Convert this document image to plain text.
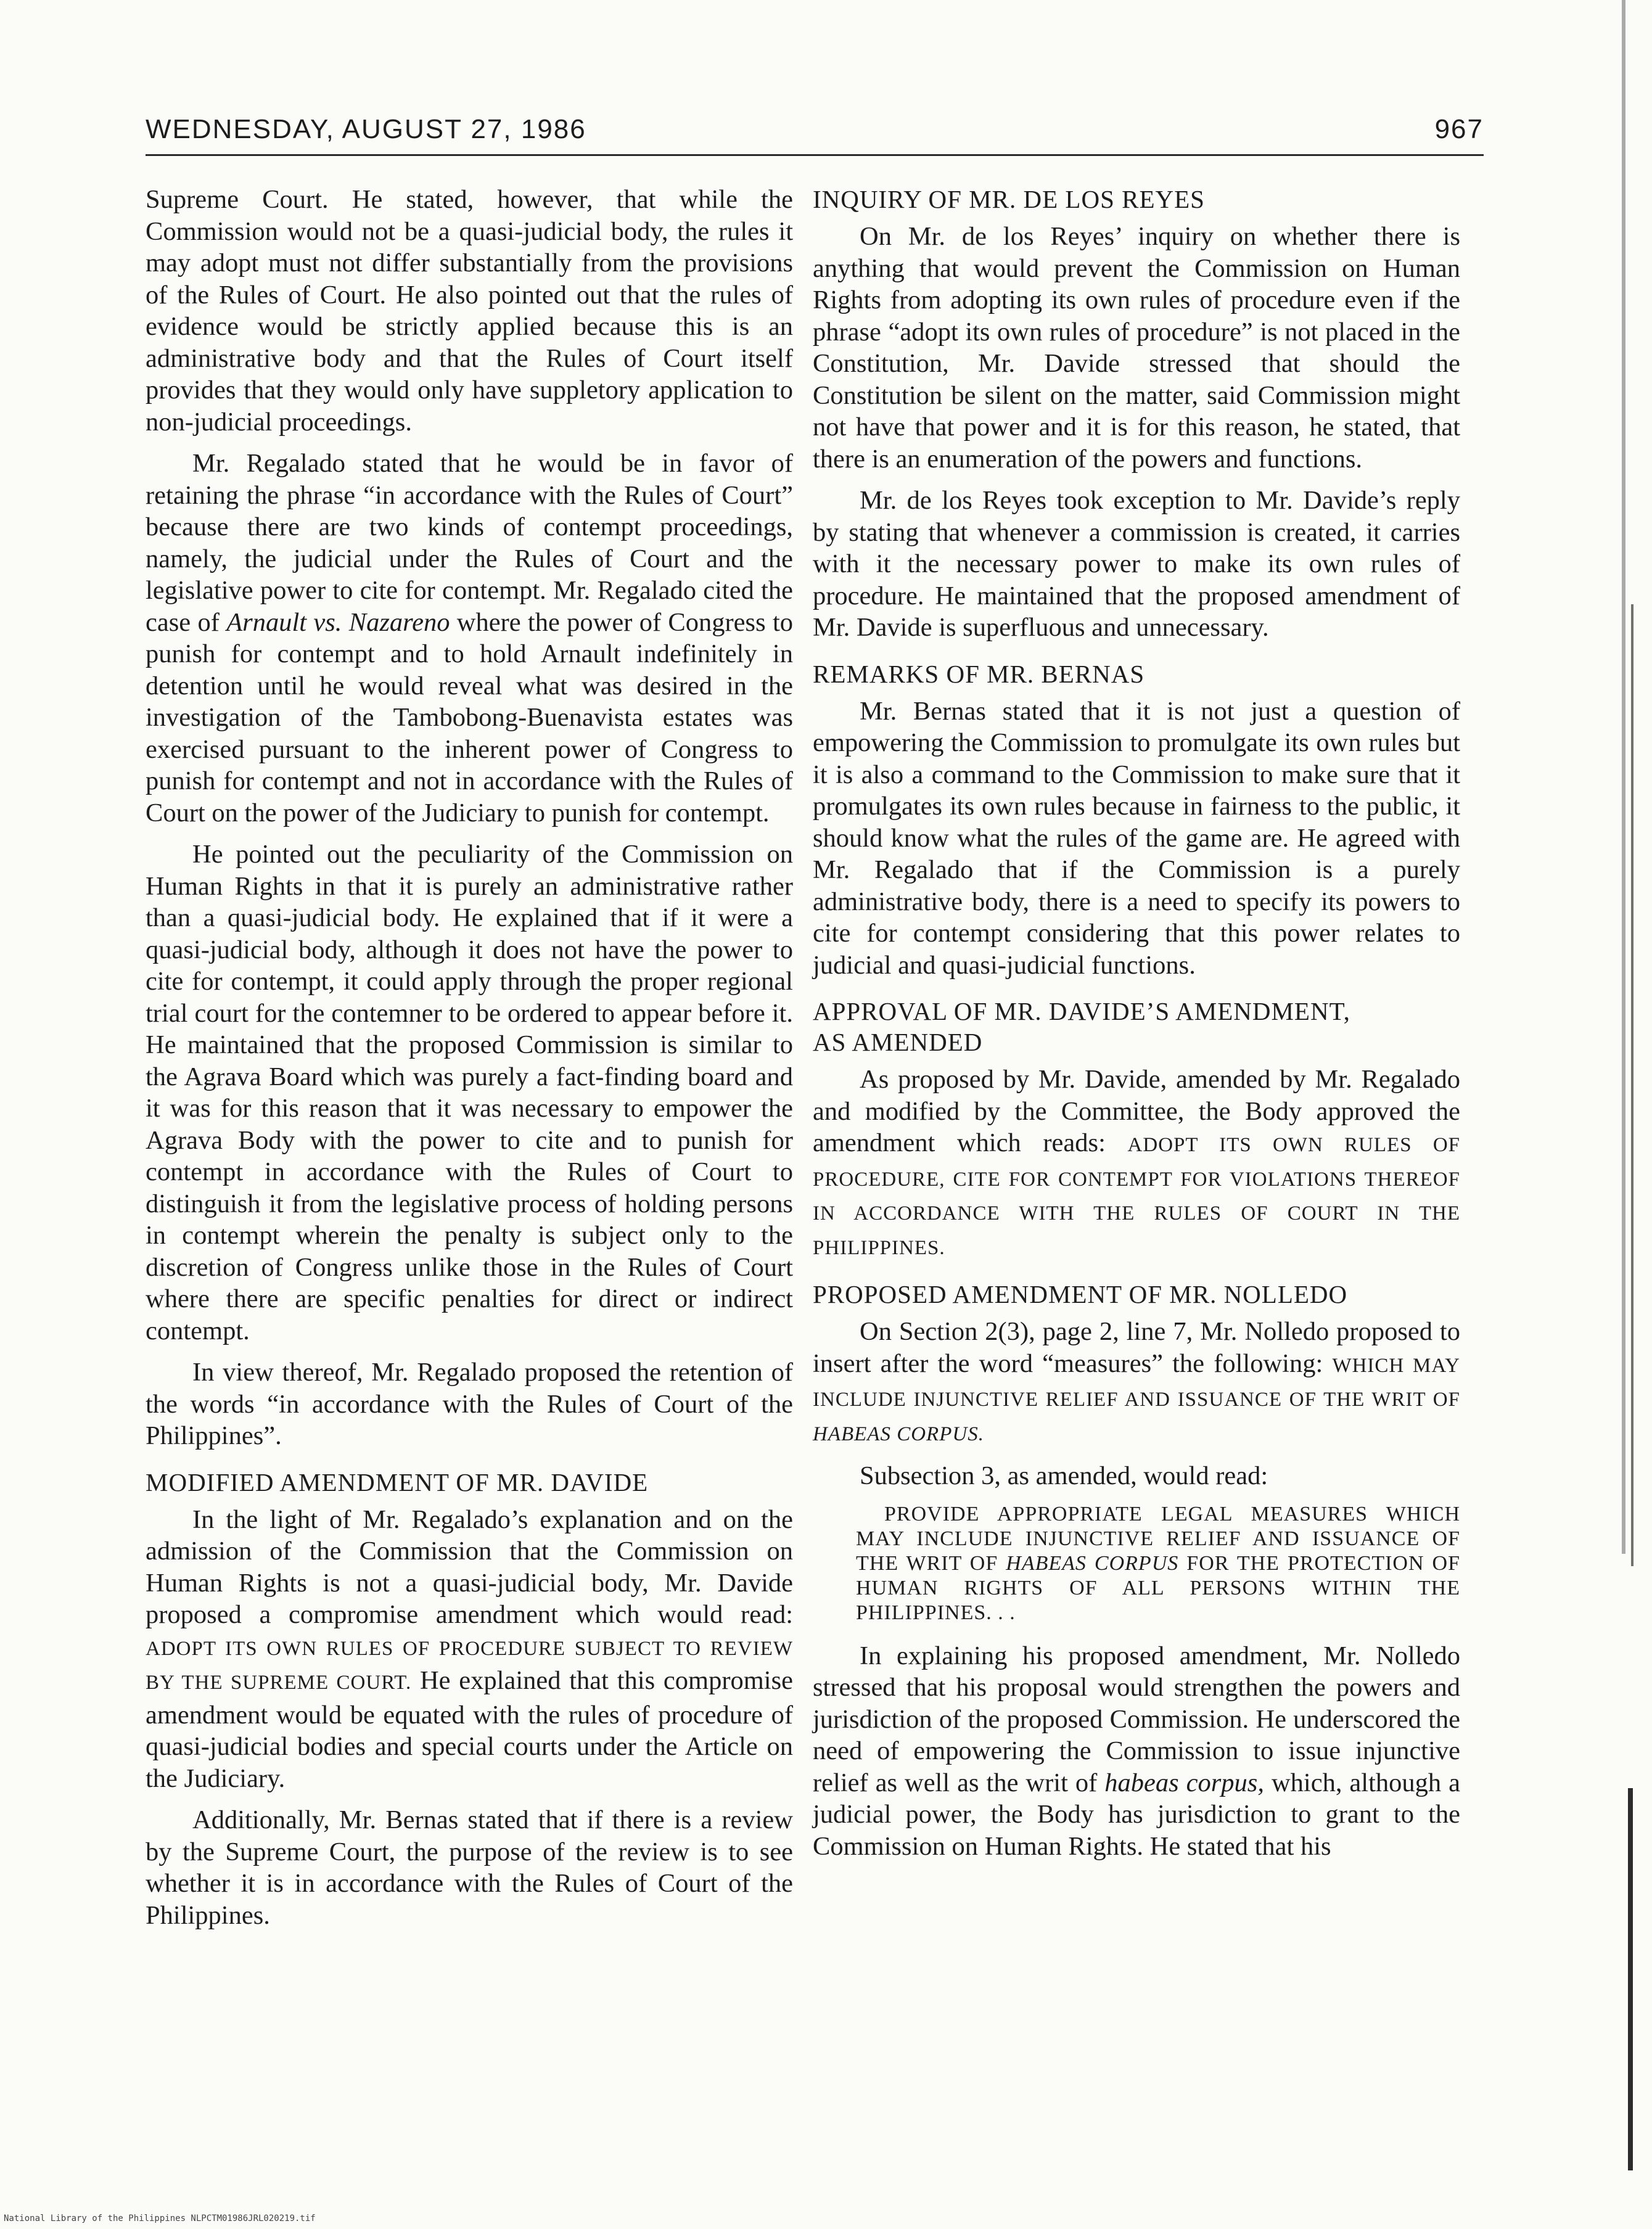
WEDNESDAY, AUGUST 27, 1986	967

Supreme Court. He stated, however, that while the Commission would not be a quasi-judicial body, the rules it may adopt must not differ substantially from the provisions of the Rules of Court. He also pointed out that the rules of evidence would be strictly applied because this is an administrative body and that the Rules of Court itself provides that they would only have suppletory application to non-judicial proceedings.

Mr. Regalado stated that he would be in favor of retaining the phrase “in accordance with the Rules of Court” because there are two kinds of contempt proceedings, namely, the judicial under the Rules of Court and the legislative power to cite for contempt. Mr. Regalado cited the case of Arnault vs. Nazareno where the power of Congress to punish for contempt and to hold Arnault indefinitely in detention until he would reveal what was desired in the investigation of the Tambobong-Buenavista estates was exercised pursuant to the inherent power of Congress to punish for contempt and not in accordance with the Rules of Court on the power of the Judiciary to punish for contempt.

He pointed out the peculiarity of the Commission on Human Rights in that it is purely an administrative rather than a quasi-judicial body. He explained that if it were a quasi-judicial body, although it does not have the power to cite for contempt, it could apply through the proper regional trial court for the contemner to be ordered to appear before it. He maintained that the proposed Commission is similar to the Agrava Board which was purely a fact-finding board and it was for this reason that it was necessary to empower the Agrava Body with the power to cite and to punish for contempt in accordance with the Rules of Court to distinguish it from the legislative process of holding persons in contempt wherein the penalty is subject only to the discretion of Congress unlike those in the Rules of Court where there are specific penalties for direct or indirect contempt.

In view thereof, Mr. Regalado proposed the retention of the words “in accordance with the Rules of Court of the Philippines”.

MODIFIED AMENDMENT OF MR. DAVIDE

In the light of Mr. Regalado’s explanation and on the admission of the Commission that the Commission on Human Rights is not a quasi-judicial body, Mr. Davide proposed a compromise amendment which would read: ADOPT ITS OWN RULES OF PROCEDURE SUBJECT TO REVIEW BY THE SUPREME COURT. He explained that this compromise amendment would be equated with the rules of procedure of quasi-judicial bodies and special courts under the Article on the Judiciary.

Additionally, Mr. Bernas stated that if there is a review by the Supreme Court, the purpose of the review is to see whether it is in accordance with the Rules of Court of the Philippines.

INQUIRY OF MR. DE LOS REYES

On Mr. de los Reyes’ inquiry on whether there is anything that would prevent the Commission on Human Rights from adopting its own rules of procedure even if the phrase “adopt its own rules of procedure” is not placed in the Constitution, Mr. Davide stressed that should the Constitution be silent on the matter, said Commission might not have that power and it is for this reason, he stated, that there is an enumeration of the powers and functions.

Mr. de los Reyes took exception to Mr. Davide’s reply by stating that whenever a commission is created, it carries with it the necessary power to make its own rules of procedure. He maintained that the proposed amendment of Mr. Davide is superfluous and unnecessary.

REMARKS OF MR. BERNAS

Mr. Bernas stated that it is not just a question of empowering the Commission to promulgate its own rules but it is also a command to the Commission to make sure that it promulgates its own rules because in fairness to the public, it should know what the rules of the game are. He agreed with Mr. Regalado that if the Commission is a purely administrative body, there is a need to specify its powers to cite for contempt considering that this power relates to judicial and quasi-judicial functions.

APPROVAL OF MR. DAVIDE’S AMENDMENT,
AS AMENDED

As proposed by Mr. Davide, amended by Mr. Regalado and modified by the Committee, the Body approved the amendment which reads: ADOPT ITS OWN RULES OF PROCEDURE, CITE FOR CONTEMPT FOR VIOLATIONS THEREOF IN ACCORDANCE WITH THE RULES OF COURT IN THE PHILIPPINES.

PROPOSED AMENDMENT OF MR. NOLLEDO

On Section 2(3), page 2, line 7, Mr. Nolledo proposed to insert after the word “measures” the following: WHICH MAY INCLUDE INJUNCTIVE RELIEF AND ISSUANCE OF THE WRIT OF HABEAS CORPUS.

Subsection 3, as amended, would read:

PROVIDE APPROPRIATE LEGAL MEASURES WHICH MAY INCLUDE INJUNCTIVE RELIEF AND ISSUANCE OF THE WRIT OF HABEAS CORPUS FOR THE PROTECTION OF HUMAN RIGHTS OF ALL PERSONS WITHIN THE PHILIPPINES. . .

In explaining his proposed amendment, Mr. Nolledo stressed that his proposal would strengthen the powers and jurisdiction of the proposed Commission. He underscored the need of empowering the Commission to issue injunctive relief as well as the writ of habeas corpus, which, although a judicial power, the Body has jurisdiction to grant to the Commission on Human Rights. He stated that his

National Library of the Philippines NLPCTM01986JRL020219.tif
